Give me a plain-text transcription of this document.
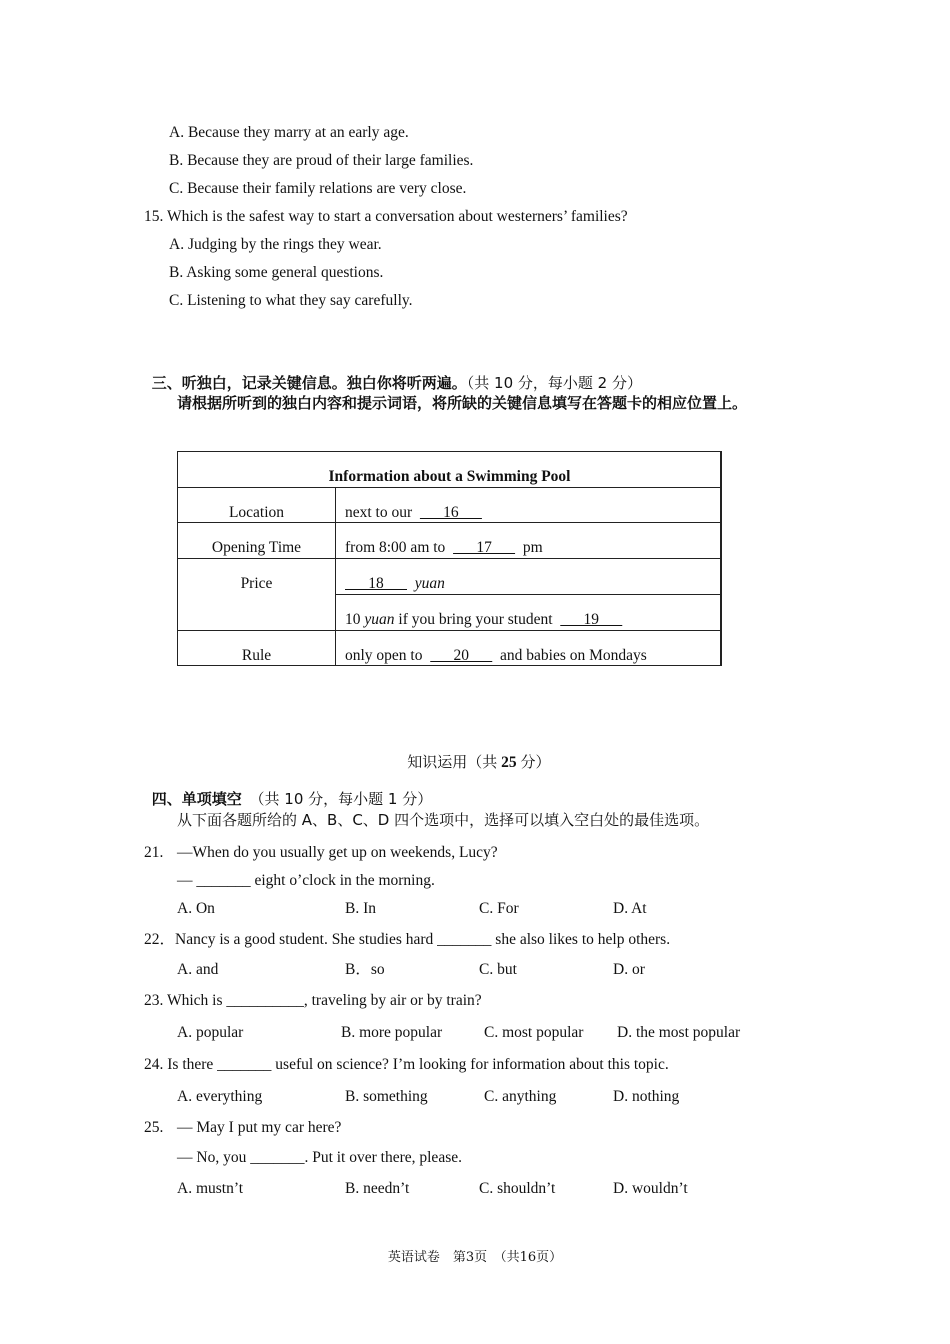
A. Because they marry at an early age.
B. Because they are proud of their large families.
C. Because their family relations are very close.
15. Which is the safest way to start a conversation about westerners’ families?
A. Judging by the rings they wear.
B. Asking some general questions.
C. Listening to what they say carefully.

三、听独白，记录关键信息。独白你将听两遍。（共 10 分，每小题 2 分）

请根据所听到的独白内容和提示词语，将所缺的关键信息填写在答题卡的相应位置上。
Information about a Swimming Pool
Location	next to our        16
Opening Time	from 8:00 am to        17        pm
Price	18        yuan
10 yuan if you bring your student        19
Rule	only open to        20        and babies on Mondays

知识运用（共 25 分）

四、单项填空 （共 10 分，每小题 1 分）

从下面各题所给的 A、B、C、D 四个选项中，选择可以填入空白处的最佳选项。
21. —When do you usually get up on weekends, Lucy?
— _______ eight o’clock in the morning.
A. On	B. In	C. For	D. At
22．Nancy is a good student. She studies hard _______ she also likes to help others.
A. and	B．so	C. but	D. or
23. Which is __________, traveling by air or by train?
A. popular	B. more popular	C. most popular D. the most popular
24. Is there _______ useful on science? I’m looking for information about this topic.
A. everything	B. something	C. anything	D. nothing
25. — May I put my car here?
— No, you _______. Put it over there, please.
A. mustn’t	B. needn’t	C. shouldn’t	D. wouldn’t
英语试卷　第3页　（共16页）
